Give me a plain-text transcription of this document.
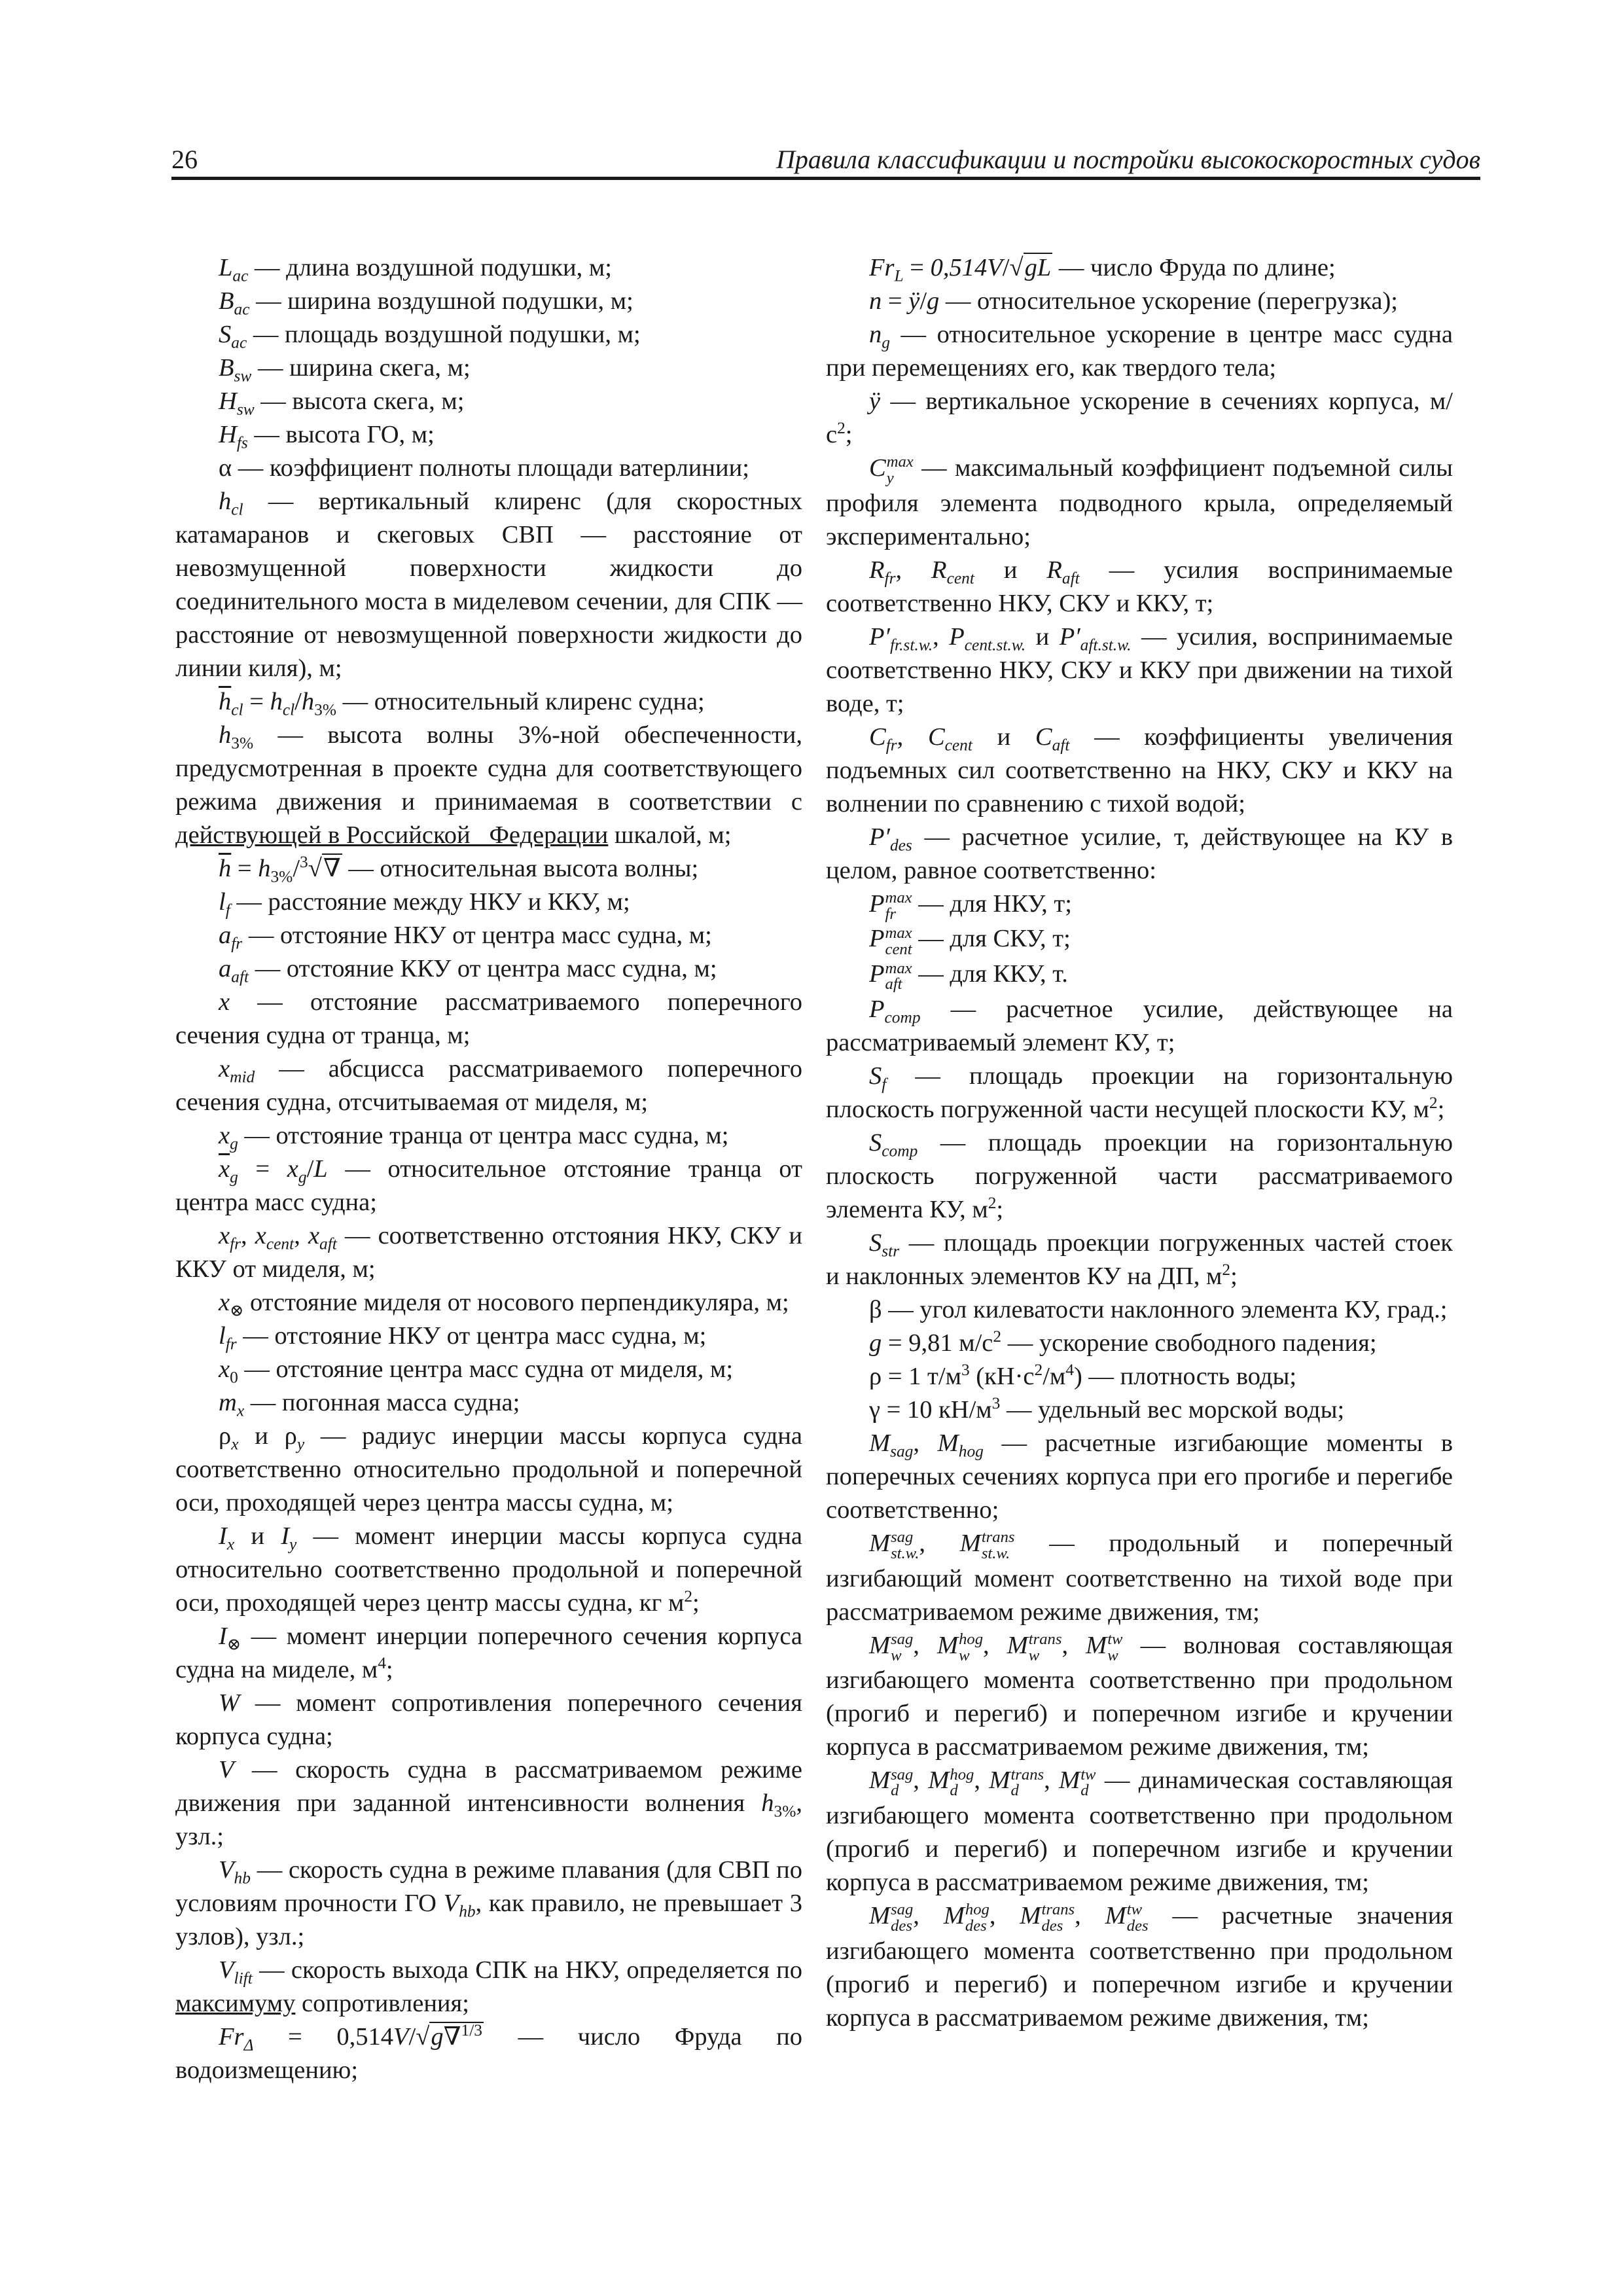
26	Правила классификации и постройки высокоскоростных судов

$L_{ac}$ — длина воздушной подушки, м;

$B_{ac}$ — ширина воздушной подушки, м;

$S_{ac}$ — площадь воздушной подушки, м;

$B_{sw}$ — ширина скега, м;

$H_{sw}$ — высота скега, м;

$H_{fs}$ — высота ГО, м;

α — коэффициент полноты площади ватерлинии;

$h_{cl}$ — вертикальный клиренс (для скоростных катамаранов и скеговых СВП — расстояние от невозмущенной поверхности жидкости до соединительного моста в миделевом сечении, для СПК — расстояние от невозмущенной поверхности жидкости до линии киля), м;

$\overline{h}_{cl} = h_{cl}/h_{3\%}$ — относительный клиренс судна;

$h_{3\%}$ — высота волны 3%-ной обеспеченности, предусмотренная в проекте судна для соответствующего режима движения и принимаемая в соответствии с действующей в Российской   Федерации шкалой, м;

$\overline{h} = h_{3\%}/^3√\nabla$ — относительная высота волны;

$l_f$ — расстояние между НКУ и ККУ, м;

$a_{fr}$ — отстояние НКУ от центра масс судна, м;

$a_{aft}$ — отстояние ККУ от центра масс судна, м;

x — отстояние рассматриваемого поперечного сечения судна от транца, м;

$x_{mid}$ — абсцисса рассматриваемого поперечного сечения судна, отсчитываемая от миделя, м;

$x_g$ — отстояние транца от центра масс судна, м;

$\overline{x}_g = x_g/L$ — относительное отстояние транца от центра масс судна;

$x_{fr}$, $x_{cent}$, $x_{aft}$ — соответственно отстояния НКУ, СКУ и ККУ от миделя, м;

$x_\otimes$ отстояние миделя от носового перпендикуляра, м;

$l_{fr}$ — отстояние НКУ от центра масс судна, м;

$x_0$ — отстояние центра масс судна от миделя, м;

$m_x$ — погонная масса судна;

$\rho_x$ и $\rho_y$ — радиус инерции массы корпуса судна соответственно относительно продольной и поперечной оси, проходящей через центра массы судна, м;

$I_x$ и $I_y$ — момент инерции массы корпуса судна относительно соответственно продольной и поперечной оси, проходящей через центр массы судна, кг $м^2$;

$I_\otimes$ — момент инерции поперечного сечения корпуса судна на миделе, $м^4$;

W — момент сопротивления поперечного сечения корпуса судна;

V — скорость судна в рассматриваемом режиме движения при заданной интенсивности волнения $h_{3\%}$, узл.;

$V_{hb}$ — скорость судна в режиме плавания (для СВП по условиям прочности ГО $V_{hb}$, как правило, не превышает 3 узлов), узл.;

$V_{lift}$ — скорость выхода СПК на НКУ, определяется по максимуму сопротивления;

$Fr_\Delta = 0,514V/√g\nabla^{1/3}$ — число Фруда по водоизмещению;

$Fr_L = 0,514V/√gL$ — число Фруда по длине;

n = ÿ/g — относительное ускорение (перегрузка);

$n_g$ — относительное ускорение в центре масс судна при перемещениях его, как твердого тела;

ÿ — вертикальное ускорение в сечениях корпуса, $м/с^2$;

C max
y — максимальный коэффициент подъемной силы профиля элемента подводного крыла, определяемый экспериментально;

$R_{fr}$, $R_{cent}$ и $R_{aft}$ — усилия воспринимаемые соответственно НКУ, СКУ и ККУ, т;

$P'_{fr.st.w.}$, $P_{cent.st.w.}$ и $P'_{aft.st.w.}$ — усилия, воспринимаемые соответственно НКУ, СКУ и ККУ при движении на тихой воде, т;

$C_{fr}$, $C_{cent}$ и $C_{aft}$ — коэффициенты увеличения подъемных сил соответственно на НКУ, СКУ и ККУ на волнении по сравнению с тихой водой;

$P'_{des}$ — расчетное усилие, т, действующее на КУ в целом, равное соответственно:

P max
fr — для НКУ, т;

P max
cent — для СКУ, т;

P max
aft — для ККУ, т.

$P_{comp}$ — расчетное усилие, действующее на рассматриваемый элемент КУ, т;

$S_f$ — площадь проекции на горизонтальную плоскость погруженной части несущей плоскости КУ, $м^2$;

$S_{comp}$ — площадь проекции на горизонтальную плоскость погруженной части рассматриваемого элемента КУ, $м^2$;

$S_{str}$ — площадь проекции погруженных частей стоек и наклонных элементов КУ на ДП, $м^2$;

β — угол килеватости наклонного элемента КУ, град.;

g = 9,81 $м/с^2$ — ускорение свободного падения;

ρ = 1 $т/м^3$ $(кН\cdot с^2/м^4)$ — плотность воды;

γ = 10 $кН/м^3$ — удельный вес морской воды;

$M_{sag}$, $M_{hog}$ — расчетные изгибающие моменты в поперечных сечениях корпуса при его прогибе и перегибе соответственно;

M sag
st.w. , M trans
st.w. — продольный и поперечный изгибающий момент соответственно на тихой воде при рассматриваемом режиме движения, тм;

M sag
w , M hog
w , M trans
w , M tw
w — волновая составляющая изгибающего момента соответственно при продольном (прогиб и перегиб) и поперечном изгибе и кручении корпуса в рассматриваемом режиме движения, тм;

M sag
d , M hog
d , M trans
d , M tw
d — динамическая составляющая изгибающего момента соответственно при продольном (прогиб и перегиб) и поперечном изгибе и кручении корпуса в рассматриваемом режиме движения, тм;

M sag
des , M hog
des , M trans
des , M tw
des — расчетные значения изгибающего момента соответственно при продольном (прогиб и перегиб) и поперечном изгибе и кручении корпуса в рассматриваемом режиме движения, тм;
